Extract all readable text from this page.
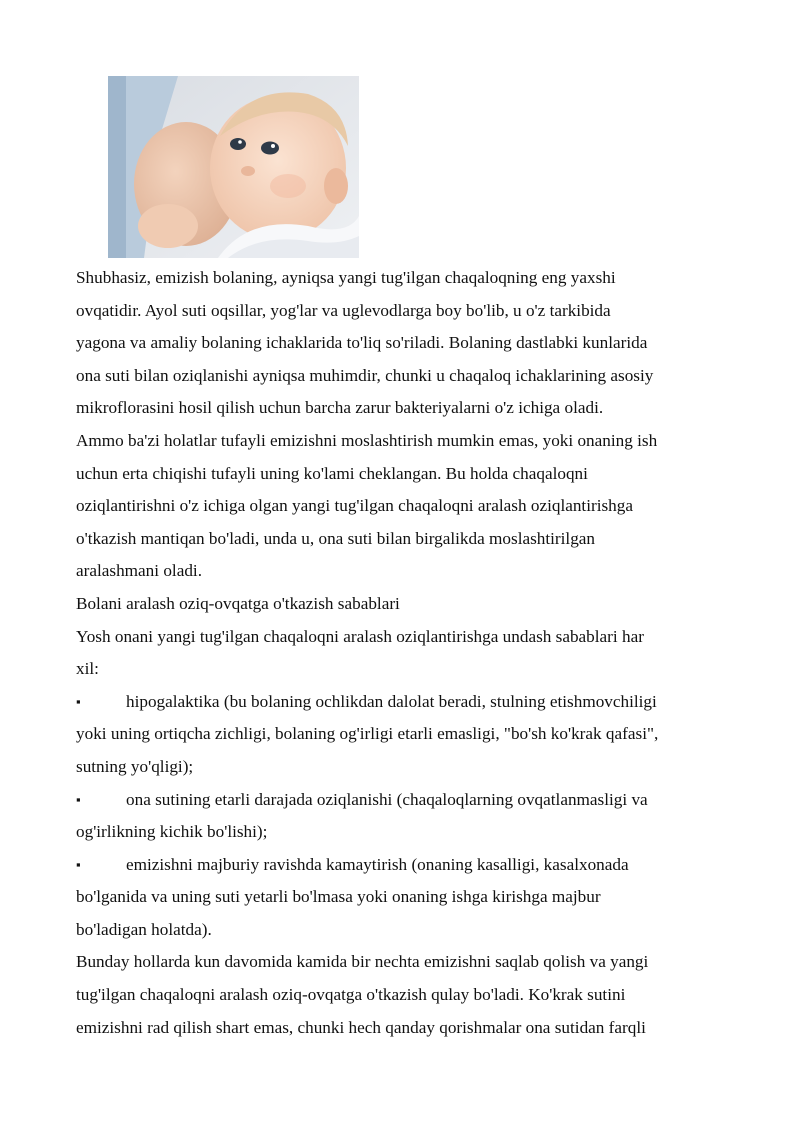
Shubhasiz, emizish bolaning, ayniqsa yangi tug'ilgan chaqaloqning eng yaxshi
ovqatidir. Ayol suti oqsillar, yog'lar va uglevodlarga boy bo'lib, u o'z tarkibida
yagona va amaliy bolaning ichaklarida to'liq so'riladi. Bolaning dastlabki kunlarida
ona suti bilan oziqlanishi ayniqsa muhimdir, chunki u chaqaloq ichaklarining asosiy
mikroflorasini hosil qilish uchun barcha zarur bakteriyalarni o'z ichiga oladi.
Ammo ba'zi holatlar tufayli emizishni moslashtirish mumkin emas, yoki onaning ish
uchun erta chiqishi tufayli uning ko'lami cheklangan. Bu holda chaqaloqni
oziqlantirishni o'z ichiga olgan yangi tug'ilgan chaqaloqni aralash oziqlantirishga
o'tkazish mantiqan bo'ladi, unda u, ona suti bilan birgalikda moslashtirilgan
aralashmani oladi.
Bolani aralash oziq-ovqatga o'tkazish sabablari
Yosh onani yangi tug'ilgan chaqaloqni aralash oziqlantirishga undash sabablari har
xil:
▪	hipogalaktika (bu bolaning ochlikdan dalolat beradi, stulning etishmovchiligi
yoki uning ortiqcha zichligi, bolaning og'irligi etarli emasligi, "bo'sh ko'krak qafasi",
sutning yo'qligi);
▪	ona sutining etarli darajada oziqlanishi (chaqaloqlarning ovqatlanmasligi va
og'irlikning kichik bo'lishi);
▪	emizishni majburiy ravishda kamaytirish (onaning kasalligi, kasalxonada
bo'lganida va uning suti yetarli bo'lmasa yoki onaning ishga kirishga majbur
bo'ladigan holatda).
Bunday hollarda kun davomida kamida bir nechta emizishni saqlab qolish va yangi
tug'ilgan chaqaloqni aralash oziq-ovqatga o'tkazish qulay bo'ladi. Ko'krak sutini
emizishni rad qilish shart emas, chunki hech qanday qorishmalar ona sutidan farqli
